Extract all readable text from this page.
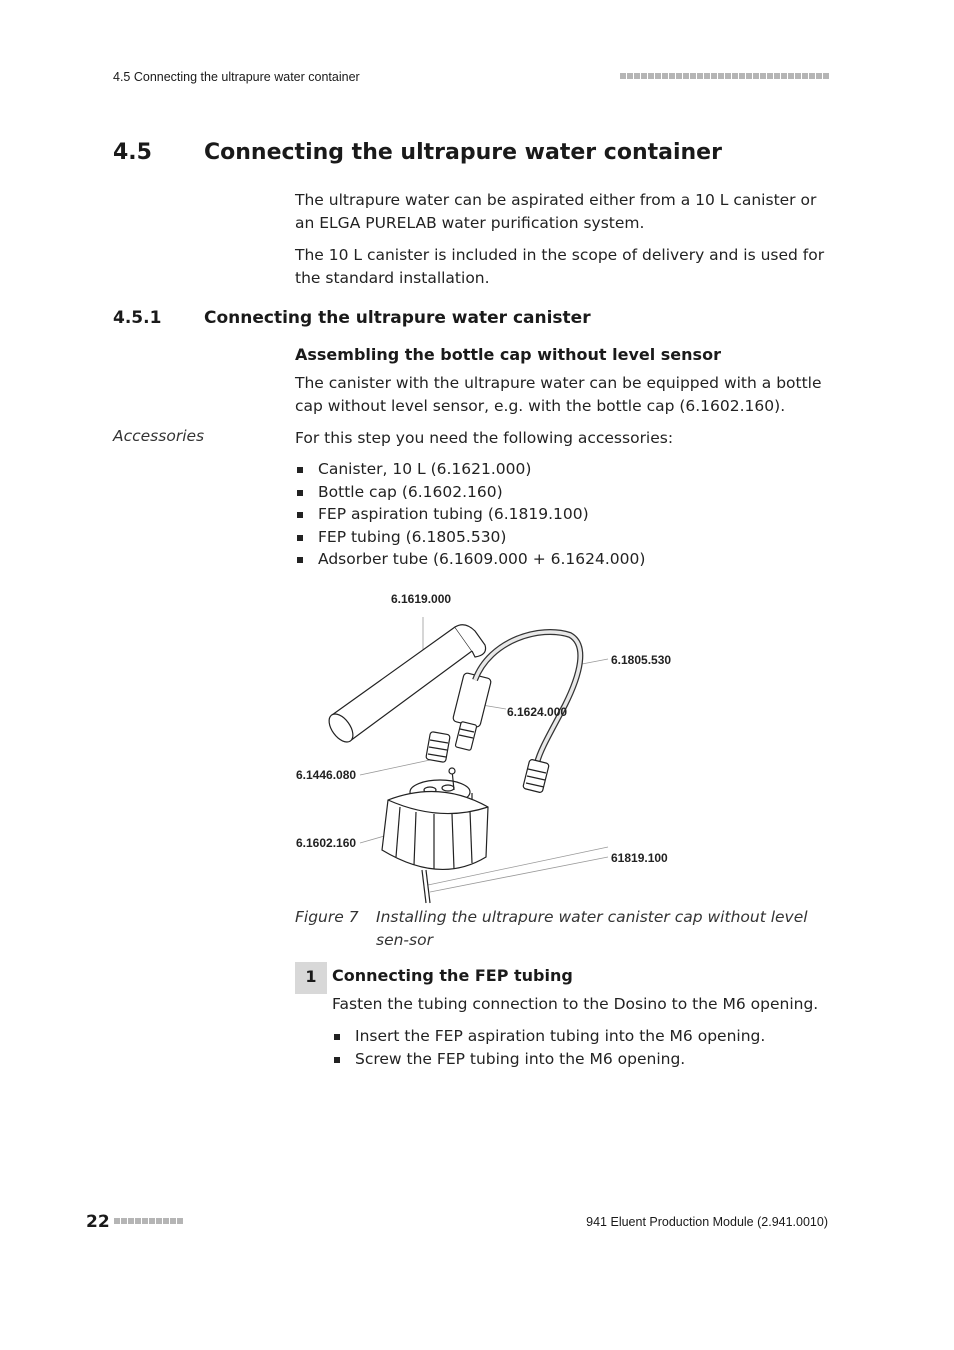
4.5 Connecting the ultrapure water container
4.5 Connecting the ultrapure water container
The ultrapure water can be aspirated either from a 10 L canister or an ELGA PURELAB water purification system.
The 10 L canister is included in the scope of delivery and is used for the standard installation.
4.5.1	Connecting the ultrapure water canister
Assembling the bottle cap without level sensor
The canister with the ultrapure water can be equipped with a bottle cap without level sensor, e.g. with the bottle cap (6.1602.160).
Accessories	For this step you need the following accessories:
Canister, 10 L (6.1621.000)
Bottle cap (6.1602.160)
FEP aspiration tubing (6.1819.100)
FEP tubing (6.1805.530)
Adsorber tube (6.1609.000 + 6.1624.000)
6.1619.000
6.1805.530
6.1624.000
6.1446.080
6.1602.160
61819.100
Figure 7	Installing the ultrapure water canister cap without level sen-sor
1 Connecting the FEP tubing
Fasten the tubing connection to the Dosino to the M6 opening.
Insert the FEP aspiration tubing into the M6 opening.
Screw the FEP tubing into the M6 opening.
22	941 Eluent Production Module (2.941.0010)
